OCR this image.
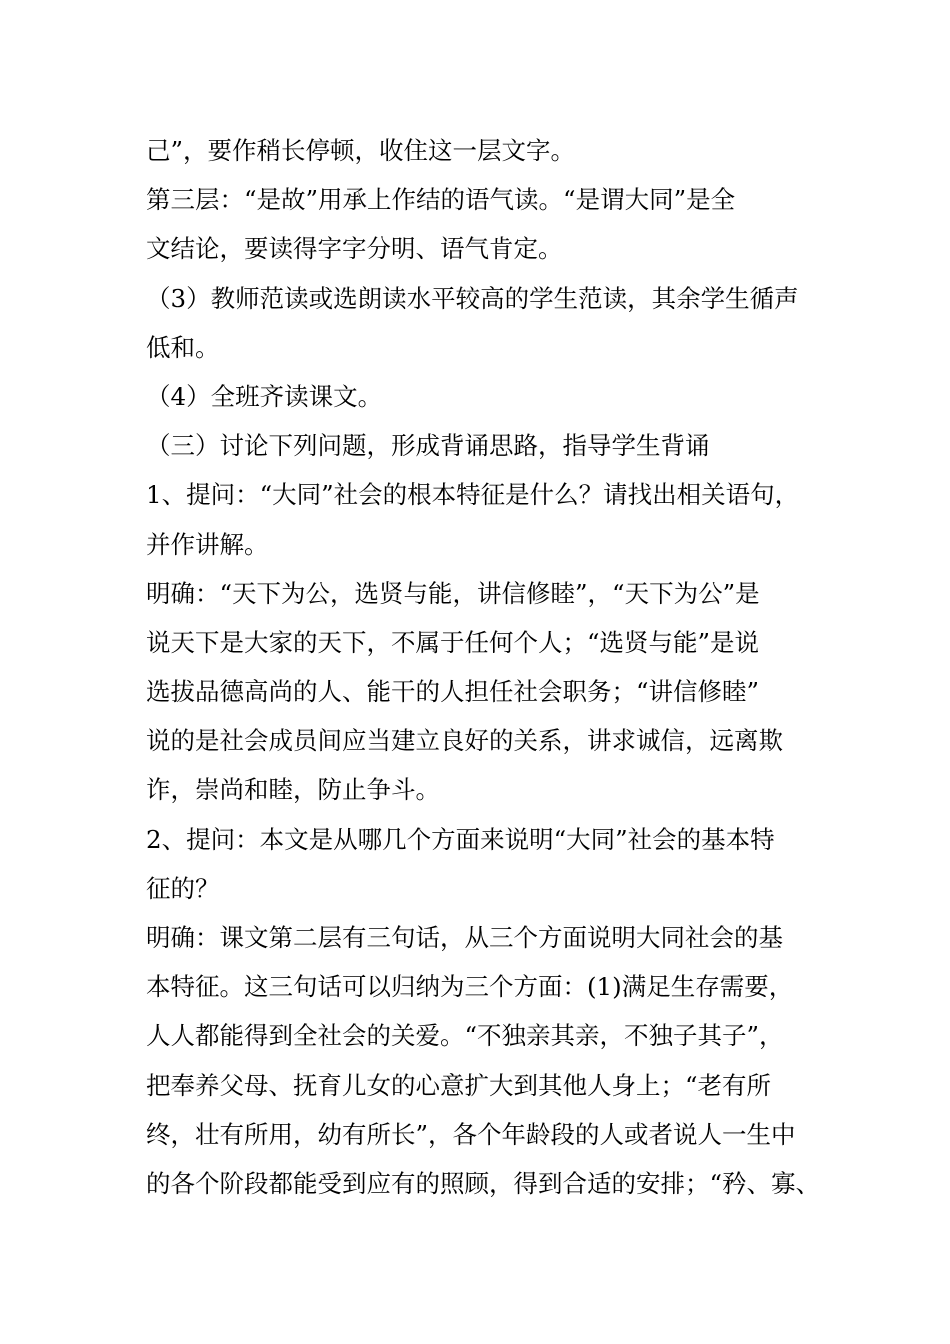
己”，要作稍长停顿，收住这一层文字。
第三层：“是故”用承上作结的语气读。“是谓大同”是全
文结论，要读得字字分明、语气肯定。
（3）教师范读或选朗读水平较高的学生范读，其余学生循声
低和。
（4）全班齐读课文。
（三）讨论下列问题，形成背诵思路，指导学生背诵
1、提问：“大同”社会的根本特征是什么？请找出相关语句，
并作讲解。
明确：“天下为公，选贤与能，讲信修睦”，“天下为公”是
说天下是大家的天下，不属于任何个人；“选贤与能”是说
选拔品德高尚的人、能干的人担任社会职务；“讲信修睦”
说的是社会成员间应当建立良好的关系，讲求诚信，远离欺
诈，崇尚和睦，防止争斗。
2、提问：本文是从哪几个方面来说明“大同”社会的基本特
征的？
明确：课文第二层有三句话，从三个方面说明大同社会的基
本特征。这三句话可以归纳为三个方面：(1)满足生存需要，
人人都能得到全社会的关爱。“不独亲其亲，不独子其子”，
把奉养父母、抚育儿女的心意扩大到其他人身上；“老有所
终，壮有所用，幼有所长”，各个年龄段的人或者说人一生中
的各个阶段都能受到应有的照顾，得到合适的安排；“矜、寡、
